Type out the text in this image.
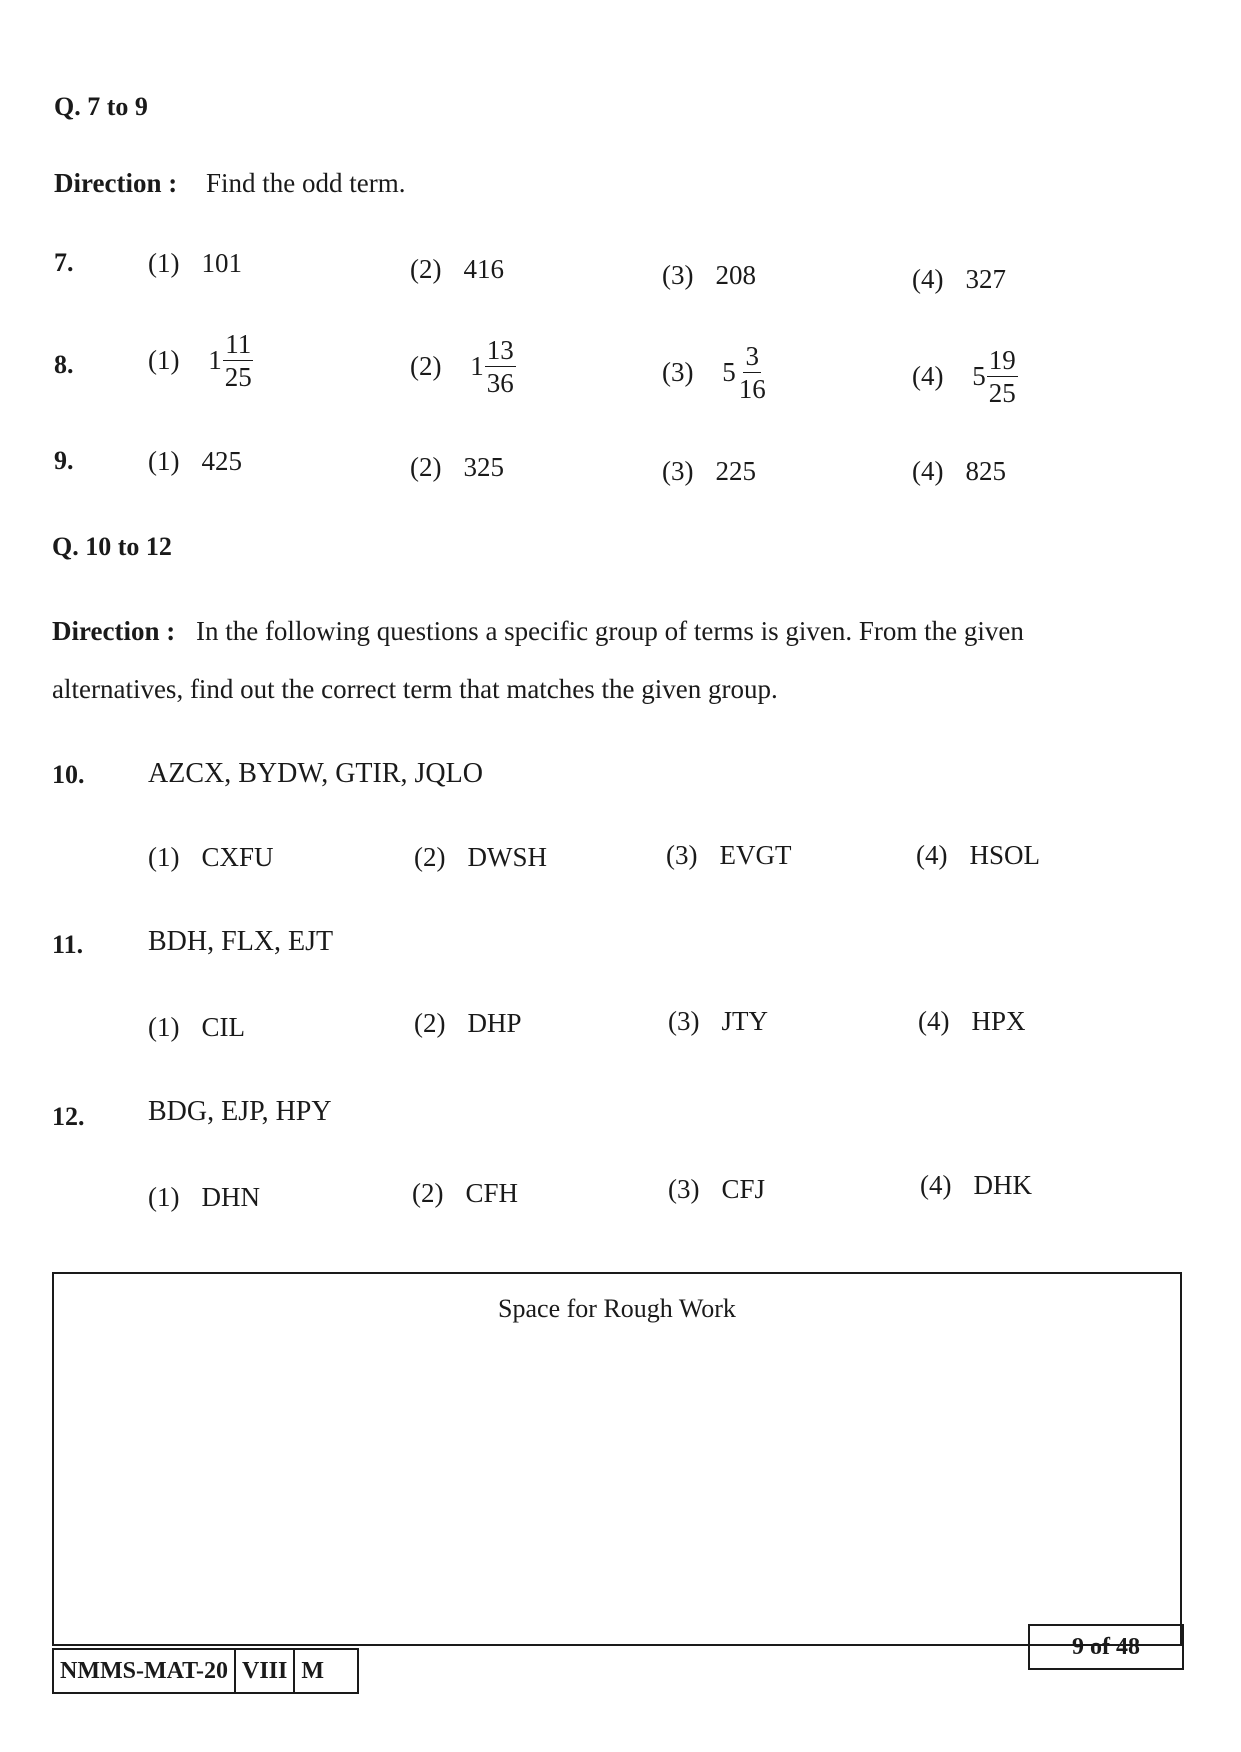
Q. 7 to 9
Direction : Find the odd term.
7.	(1) 101	(2) 416	(3) 208	(4) 327
8.	(1) $1 \frac{11}{25}$	(2) $1 \frac{13}{36}$	(3) $5 \frac{3}{16}$	(4) $5 \frac{19}{25}$
9.	(1) 425	(2) 325	(3) 225	(4) 825
Q. 10 to 12
Direction : In the following questions a specific group of terms is given. From the given
alternatives, find out the correct term that matches the given group.
10. AZCX, BYDW, GTIR, JQLO
(1) CXFU	(2) DWSH	(3) EVGT	(4) HSOL
11. BDH, FLX, EJT
(1) CIL	(2) DHP	(3) JTY	(4) HPX
12. BDG, EJP, HPY
(1) DHN	(2) CFH	(3) CFJ	(4) DHK
Space for Rough Work
9 of 48
NMMS-MAT-20 VIII M
